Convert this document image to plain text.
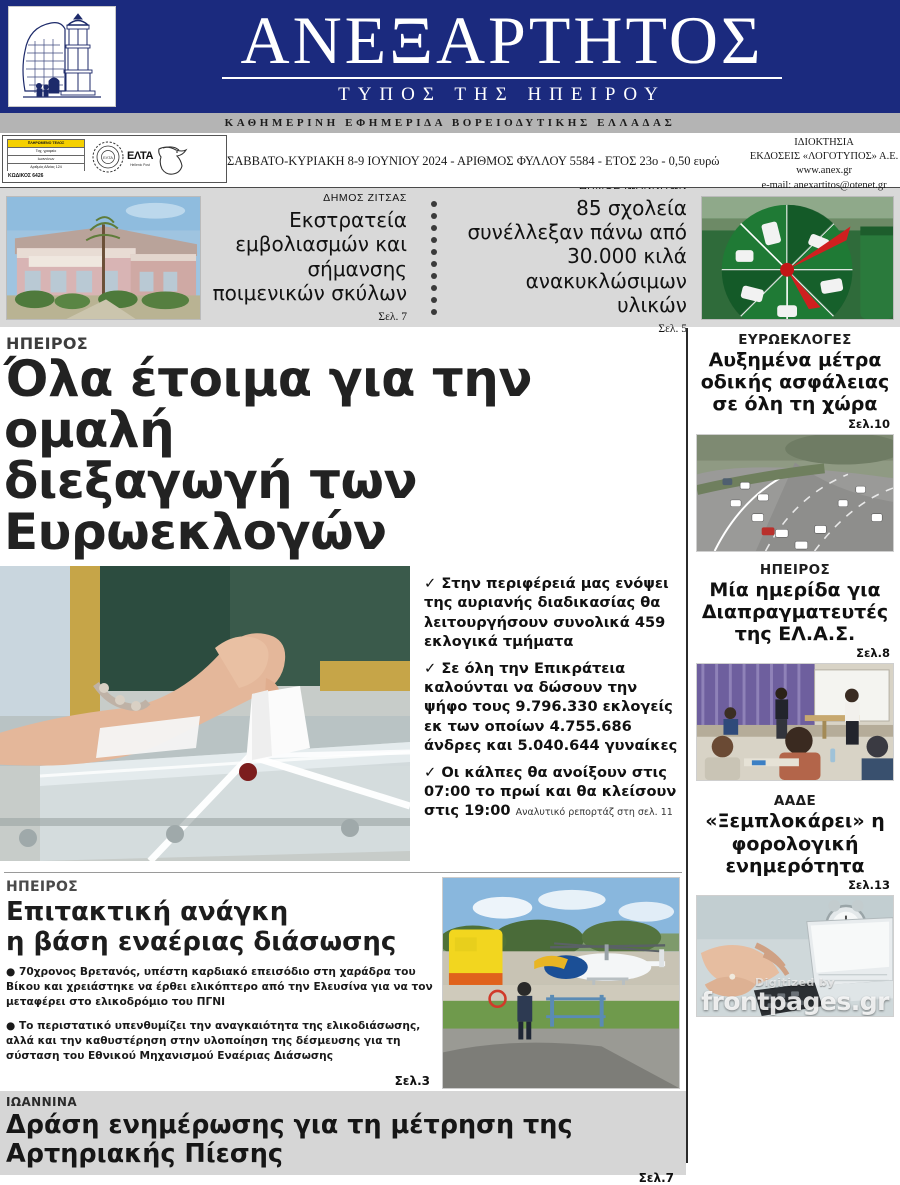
ΑΝΕΞΑΡΤΗΤΟΣ
ΤΥΠΟΣ ΤΗΣ ΗΠΕΙΡΟΥ
ΚΑΘΗΜΕΡΙΝΗ ΕΦΗΜΕΡΙΔΑ ΒΟΡΕΙΟΔΥΤΙΚΗΣ ΕΛΛΑΔΑΣ
ΠΛΗΡΩΜΕΝΟ ΤΕΛΟΣ
Ταχ. γραφείο
Ιωαννίνων
Αριθμός Αδείας 124
ΚΩΔΙΚΟΣ 6426
ΕΛΤΑ ΕΛΤΑ
Hellenic Post	ΣΑΒΒΑΤΟ-ΚΥΡΙΑΚΗ 8-9 ΙΟΥΝΙΟΥ 2024 - ΑΡΙΘΜΟΣ ΦΥΛΛΟΥ 5584 - ΕΤΟΣ 23ο - 0,50 ευρώ
ΙΔΙΟΚΤΗΣΙΑ
ΕΚΔΟΣΕΙΣ «ΛΟΓΟΤΥΠΟΣ» Α.Ε.
www.anex.gr
e-mail: anexartitos@otenet.gr
ΔΗΜΟΣ ΖΙΤΣΑΣ
Εκστρατεία εμβολιασμών και σήμανσης ποιμενικών σκύλων
Σελ. 7
85 σχολεία συνέλλεξαν πάνω από 30.000 κιλά ανακυκλώσιμων υλικών
Σελ. 5
ΗΠΕΙΡΟΣ
Όλα έτοιμα για την ομαλή
διεξαγωγή των Ευρωεκλογών

✓ Στην περιφέρειά μας ενόψει της αυριανής διαδικασίας θα λειτουργήσουν συνολικά 459 εκλογικά τμήματα

✓ Σε όλη την Επικράτεια καλούνται να δώσουν την ψήφο τους 9.796.330 εκλογείς εκ των οποίων 4.755.686 άνδρες και 5.040.644 γυναίκες

✓ Οι κάλπες θα ανοίξουν στις 07:00 το πρωί και θα κλείσουν στις 19:00 Αναλυτικό ρεπορτάζ στη σελ. 11

ΗΠΕΙΡΟΣ
Επιτακτική ανάγκη
η βάση εναέριας διάσωσης

● 70χρονος Βρετανός, υπέστη καρδιακό επεισόδιο στη χαράδρα του Βίκου και χρειάστηκε να έρθει ελικόπτερο από την Ελευσίνα για να τον μεταφέρει στο ελικοδρόμιο του ΠΓΝΙ

● Το περιστατικό υπενθυμίζει την αναγκαιότητα της ελικοδιάσωσης, αλλά και την καθυστέρηση στην υλοποίηση της δέσμευσης για τη σύσταση του Εθνικού Μηχανισμού Εναέριας Διάσωσης

Σελ.3
ΕΥΡΩΕΚΛΟΓΕΣ
Αυξημένα μέτρα οδικής ασφάλειας σε όλη τη χώρα
Σελ.10
ΗΠΕΙΡΟΣ
Μία ημερίδα για Διαπραγματευτές της ΕΛ.Α.Σ.
Σελ.8
ΑΑΔΕ
«Ξεμπλοκάρει» η φορολογική ενημερότητα
Σελ.13
Digitized by
frontpages.gr
ΙΩΑΝΝΙΝΑ
Δράση ενημέρωσης για τη μέτρηση της Αρτηριακής Πίεσης
Σελ.7
